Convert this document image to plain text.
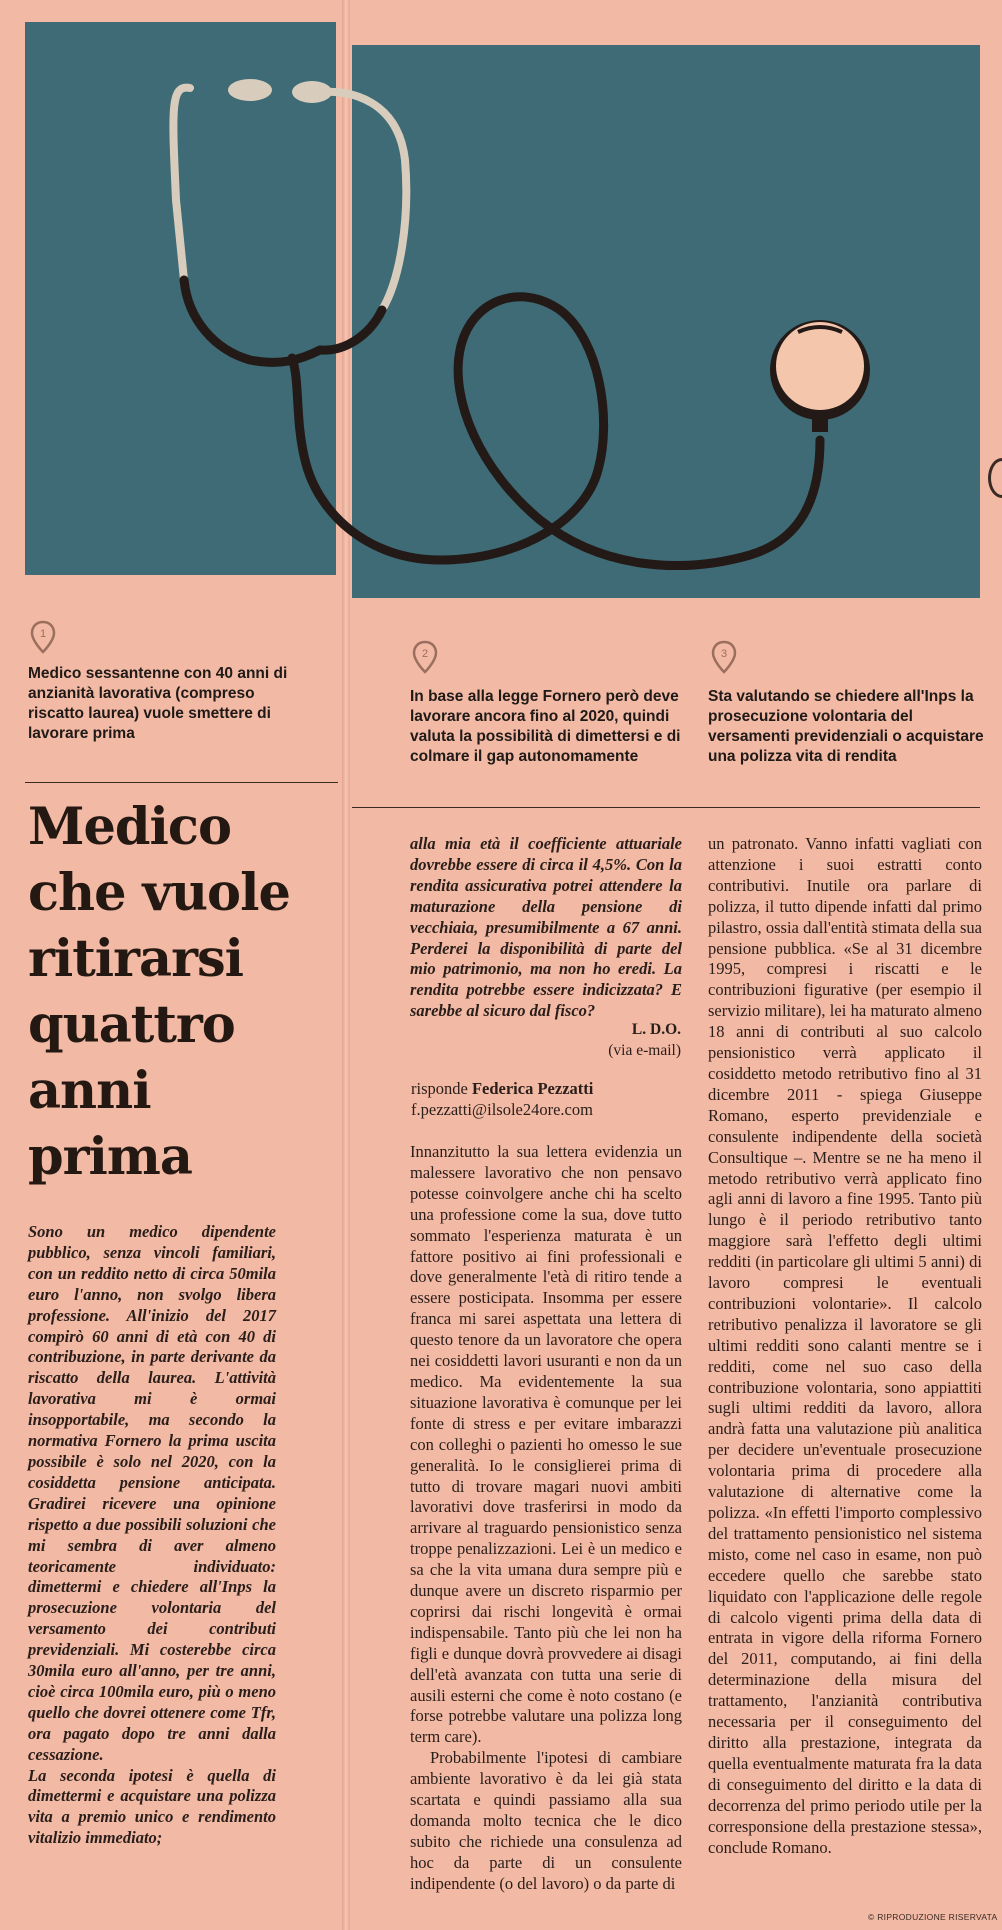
1
2	3
Medico sessantenne con 40 anni di anzianità lavorativa (compreso riscatto laurea) vuole smettere di lavorare prima
In base alla legge Fornero però deve lavorare ancora fino al 2020, quindi valuta la possibilità di dimettersi e di colmare il gap autonomamente
Sta valutando se chiedere all'Inps la prosecuzione volontaria del versamenti previdenziali o acquistare una polizza vita di rendita
Medico che vuole ritirarsi quattro anni prima

Sono un medico dipendente pubblico, senza vincoli familiari, con un reddito netto di circa 50mila euro l'anno, non svolgo libera professione. All'inizio del 2017 compirò 60 anni di età con 40 di contribuzione, in parte derivante da riscatto della laurea. L'attività lavorativa mi è ormai insopportabile, ma secondo la normativa Fornero la prima uscita possibile è solo nel 2020, con la cosiddetta pensione anticipata. Gradirei ricevere una opinione rispetto a due possibili soluzioni che mi sembra di aver almeno teoricamente individuato: dimettermi e chiedere all'Inps la prosecuzione volontaria del versamento dei contributi previdenziali. Mi costerebbe circa 30mila euro all'anno, per tre anni, cioè circa 100mila euro, più o meno quello che dovrei ottenere come Tfr, ora pagato dopo tre anni dalla cessazione.

La seconda ipotesi è quella di dimettermi e acquistare una polizza vita a premio unico e rendimento vitalizio immediato;

alla mia età il coefficiente attuariale dovrebbe essere di circa il 4,5%. Con la rendita assicurativa potrei attendere la maturazione della pensione di vecchiaia, presumibilmente a 67 anni. Perderei la disponibilità di parte del mio patrimonio, ma non ho eredi. La rendita potrebbe essere indicizzata? E sarebbe al sicuro dal fisco?

L. D.O.
(via e-mail)
risponde Federica Pezzatti
f.pezzatti@ilsole24ore.com

Innanzitutto la sua lettera evidenzia un malessere lavorativo che non pensavo potesse coinvolgere anche chi ha scelto una professione come la sua, dove tutto sommato l'esperienza maturata è un fattore positivo ai fini professionali e dove generalmente l'età di ritiro tende a essere posticipata. Insomma per essere franca mi sarei aspettata una lettera di questo tenore da un lavoratore che opera nei cosiddetti lavori usuranti e non da un medico. Ma evidentemente la sua situazione lavorativa è comunque per lei fonte di stress e per evitare imbarazzi con colleghi o pazienti ho omesso le sue generalità. Io le consiglierei prima di tutto di trovare magari nuovi ambiti lavorativi dove trasferirsi in modo da arrivare al traguardo pensionistico senza troppe penalizzazioni. Lei è un medico e sa che la vita umana dura sempre più e dunque avere un discreto risparmio per coprirsi dai rischi longevità è ormai indispensabile. Tanto più che lei non ha figli e dunque dovrà provvedere ai disagi dell'età avanzata con tutta una serie di ausili esterni che come è noto costano (e forse potrebbe valutare una polizza long term care).

Probabilmente l'ipotesi di cambiare ambiente lavorativo è da lei già stata scartata e quindi passiamo alla sua domanda molto tecnica che le dico subito che richiede una consulenza ad hoc da parte di un consulente indipendente (o del lavoro) o da parte di

un patronato. Vanno infatti vagliati con attenzione i suoi estratti conto contributivi. Inutile ora parlare di polizza, il tutto dipende infatti dal primo pilastro, ossia dall'entità stimata della sua pensione pubblica. «Se al 31 dicembre 1995, compresi i riscatti e le contribuzioni figurative (per esempio il servizio militare), lei ha maturato almeno 18 anni di contributi al suo calcolo pensionistico verrà applicato il cosiddetto metodo retributivo fino al 31 dicembre 2011 - spiega Giuseppe Romano, esperto previdenziale e consulente indipendente della società Consultique –. Mentre se ne ha meno il metodo retributivo verrà applicato fino agli anni di lavoro a fine 1995. Tanto più lungo è il periodo retributivo tanto maggiore sarà l'effetto degli ultimi redditi (in particolare gli ultimi 5 anni) di lavoro compresi le eventuali contribuzioni volontarie». Il calcolo retributivo penalizza il lavoratore se gli ultimi redditi sono calanti mentre se i redditi, come nel suo caso della contribuzione volontaria, sono appiattiti sugli ultimi redditi da lavoro, allora andrà fatta una valutazione più analitica per decidere un'eventuale prosecuzione volontaria prima di procedere alla valutazione di alternative come la polizza. «In effetti l'importo complessivo del trattamento pensionistico nel sistema misto, come nel caso in esame, non può eccedere quello che sarebbe stato liquidato con l'applicazione delle regole di calcolo vigenti prima della data di entrata in vigore della riforma Fornero del 2011, computando, ai fini della determinazione della misura del trattamento, l'anzianità contributiva necessaria per il conseguimento del diritto alla prestazione, integrata da quella eventualmente maturata fra la data di conseguimento del diritto e la data di decorrenza del primo periodo utile per la corresponsione della prestazione stessa», conclude Romano.

© RIPRODUZIONE RISERVATA
